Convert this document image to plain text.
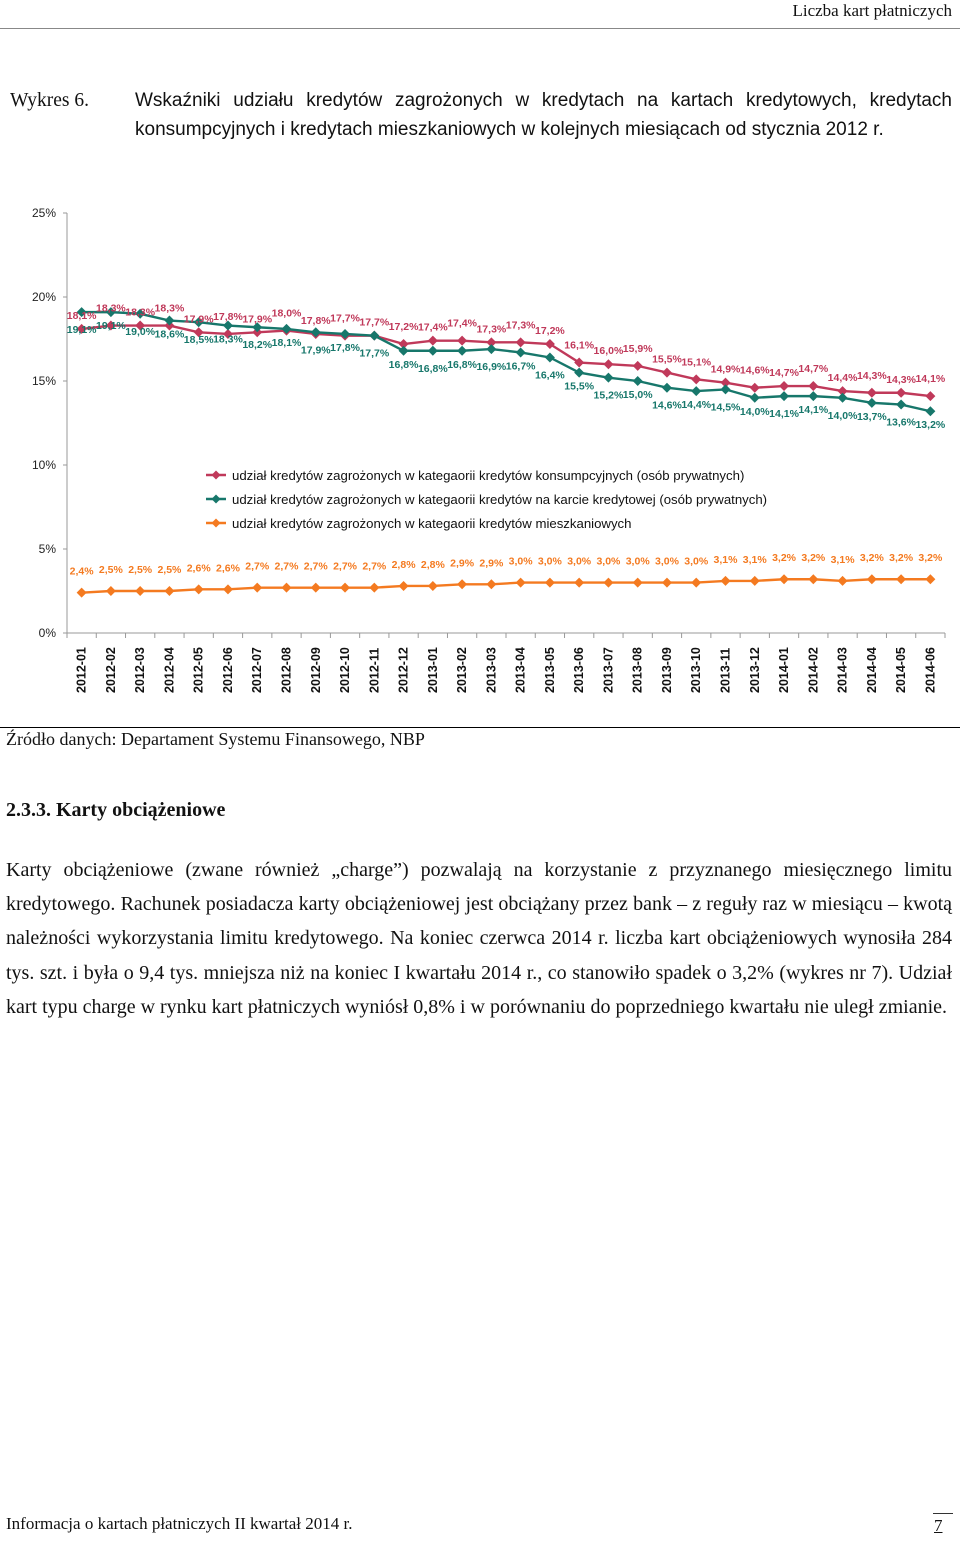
Liczba kart płatniczych
Wykres 6. Wskaźniki udziału kredytów zagrożonych w kredytach na kartach kredytowych, kredytach konsumpcyjnych i kredytach mieszkaniowych w kolejnych miesiącach od stycznia 2012 r.
0%
5%
10%
15%
20%
25%
2012-01 2012-02 2012-03 2012-04 2012-05 2012-06 2012-07 2012-08 2012-09 2012-10 2012-11 2012-12 2013-01 2013-02 2013-03 2013-04 2013-05 2013-06 2013-07 2013-08 2013-09 2013-10 2013-11 2013-12 2014-01 2014-02 2014-03 2014-04 2014-05 2014-06
18,1%
18,3% 18,3% 18,3%
17,9% 17,8% 17,9% 18,0%
17,8% 17,7% 17,7% 17,2% 17,4% 17,4% 17,3% 17,3% 17,2%
16,1% 16,0% 15,9%
15,5% 15,1%
14,9% 14,6% 14,7% 14,7%
14,4% 14,3% 14,3% 14,1%
19,1% 19,1% 19,0% 18,6% 18,5% 18,3% 18,2% 18,1%
17,9% 17,8% 17,7%
16,8% 16,8% 16,8% 16,9% 16,7%
16,4%
15,5%
15,2% 15,0%
14,6% 14,4% 14,5% 14,0% 14,1% 14,1% 14,0% 13,7% 13,6% 13,2%
2,4% 2,5% 2,5% 2,5% 2,6% 2,6% 2,7% 2,7% 2,7% 2,7% 2,7% 2,8% 2,8% 2,9% 2,9% 3,0% 3,0% 3,0% 3,0% 3,0% 3,0% 3,0% 3,1% 3,1% 3,2% 3,2% 3,1% 3,2% 3,2% 3,2%
udział kredytów zagrożonych w kategaorii kredytów konsumpcyjnych (osób prywatnych)
udział kredytów zagrożonych w kategaorii kredytów na karcie kredytowej (osób prywatnych)
udział kredytów zagrożonych w kategaorii kredytów mieszkaniowych
Źródło danych: Departament Systemu Finansowego, NBP
2.3.3. Karty obciążeniowe
Karty obciążeniowe (zwane również „charge”) pozwalają na korzystanie z przyznanego miesięcznego limitu kredytowego. Rachunek posiadacza karty obciążeniowej jest obciążany przez bank – z reguły raz w miesiącu – kwotą należności wykorzystania limitu kredytowego. Na koniec czerwca 2014 r. liczba kart obciążeniowych wynosiła 284 tys. szt. i była o 9,4 tys. mniejsza niż na koniec I kwartału 2014 r., co stanowiło spadek o 3,2% (wykres nr 7). Udział kart typu charge w rynku kart płatniczych wyniósł 0,8% i w porównaniu do poprzedniego kwartału nie uległ zmianie.
Informacja o kartach płatniczych II kwartał 2014 r.	7
